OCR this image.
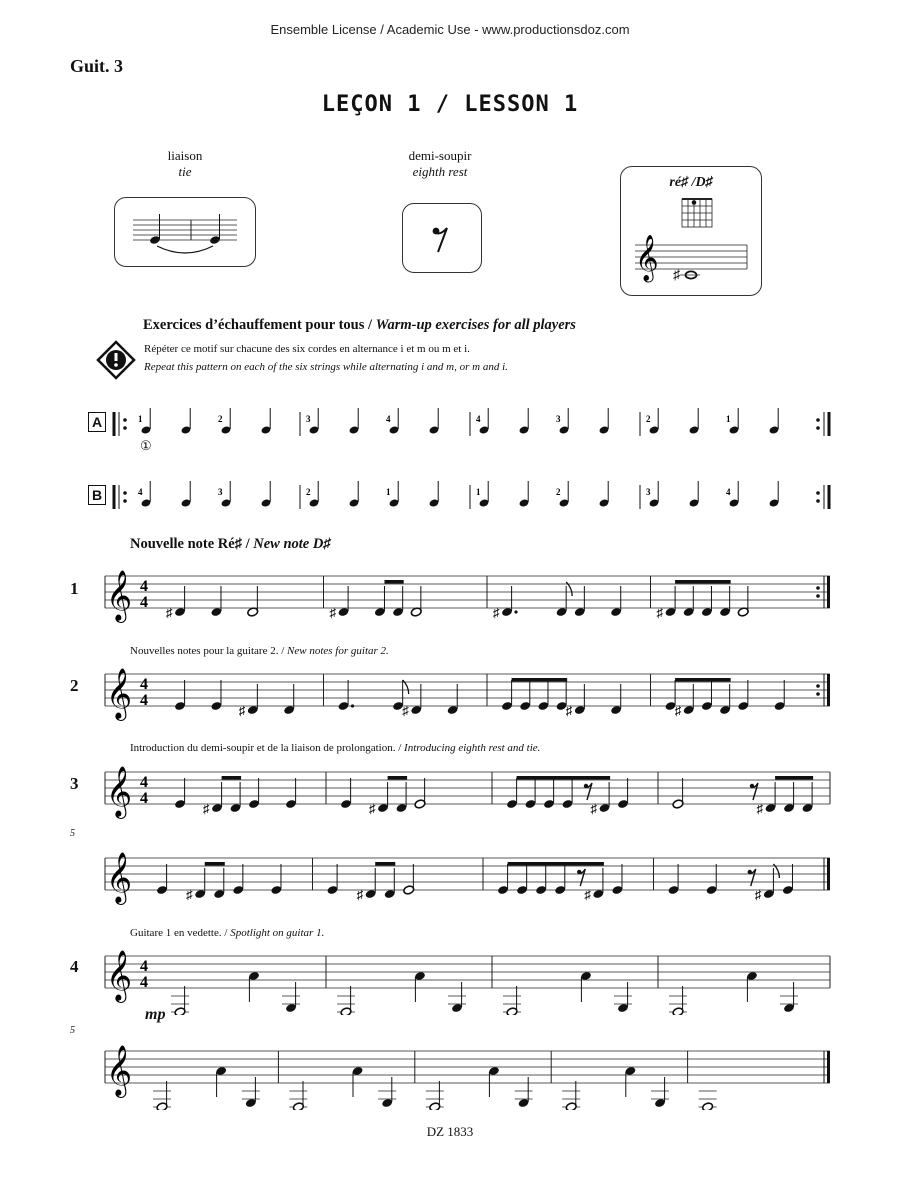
Ensemble License / Academic Use - www.productionsdoz.com
Guit. 3
LEÇON 1 / LESSON 1
liaison
tie
demi-soupir
eighth rest
ré♯ /D♯
𝄞 ♯
Exercices d’échauffement pour tous / Warm-up exercises for all players
Répéter ce motif sur chacune des six cordes en alternance i et m ou m et i.
Repeat this pattern on each of the six strings while alternating i and m, or m and i.
A	1	2	3	4	4	3	2	1
①
B	4	3	2	1	1	2	3	4
Nouvelle note Ré♯ / New note D♯
1 𝄞 4
4
♯	♯	♯	♯
Nouvelles notes pour la guitare 2. / New notes for guitar 2.
2 𝄞 4
4
♯	♯	♯	♯
Introduction du demi-soupir et de la liaison de prolongation. / Introducing eighth rest and tie.
3 𝄞 4
4
♯	♯	♯	♯
5
𝄞	♯	♯	♯	♯
Guitare 1 en vedette. / Spotlight on guitar 1.
4 𝄞 4
4
mp
5
𝄞
DZ 1833
